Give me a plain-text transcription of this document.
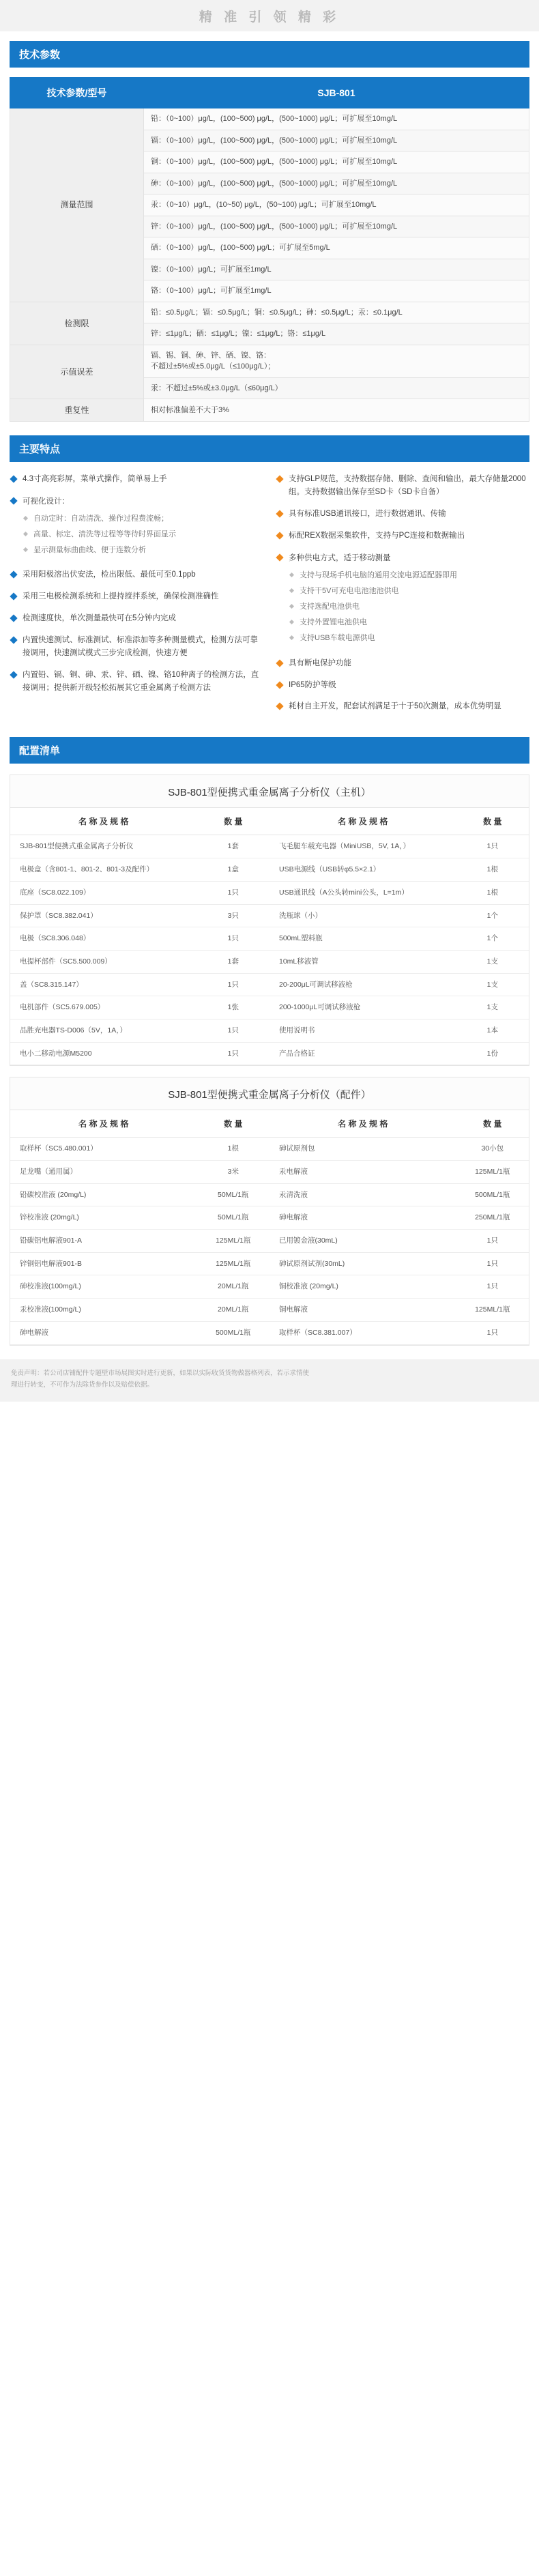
精 准 引 领 精 彩
技术参数
技术参数/型号	SJB-801
测量范围	铅：（0~100）μg/L，(100~500) μg/L，(500~1000) μg/L；可扩展至10mg/L
	镉：（0~100）μg/L，(100~500) μg/L，(500~1000) μg/L；可扩展至10mg/L
	铜：（0~100）μg/L，(100~500) μg/L，(500~1000) μg/L；可扩展至10mg/L
	砷：（0~100）μg/L，(100~500) μg/L，(500~1000) μg/L；可扩展至10mg/L
	汞：（0~10）μg/L，(10~50) μg/L，(50~100) μg/L；可扩展至10mg/L
	锌：（0~100）μg/L，(100~500) μg/L，(500~1000) μg/L；可扩展至10mg/L
	硒：（0~100）μg/L，(100~500) μg/L；可扩展至5mg/L
	镍：（0~100）μg/L；可扩展至1mg/L
	铬：（0~100）μg/L；可扩展至1mg/L
检测限	铅：≤0.5μg/L；镉：≤0.5μg/L；铜：≤0.5μg/L；砷：≤0.5μg/L；汞：≤0.1μg/L
	锌：≤1μg/L；硒：≤1μg/L；镍：≤1μg/L；铬：≤1μg/L
示值误差	镉、锡、铜、砷、锌、硒、镍、铬：
不超过±5%或±5.0μg/L（≤100μg/L）；
	汞：不超过±5%或±3.0μg/L（≤60μg/L）
重复性	相对标准偏差不大于3%
主要特点
4.3寸高亮彩屏，菜单式操作，简单易上手
可视化设计：
自动定时：自动清洗、操作过程费流畅；
高量、标定、清洗等过程等等待时界面显示
显示测量标曲曲线、便于连数分析
采用阳极溶出伏安法，检出限低、最低可至0.1ppb
采用三电极检测系统和上提持搅拌系统，确保检测准确性
检测速度快，单次测量最快可在5分钟内完成
内置快速测试、标准测试、标准添加等多种测量模式，检测方法可靠接调用，快速测试模式三步完成检测，快速方便
内置铅、镉、铜、砷、汞、锌、硒、镍、铬10种离子的检测方法，直接调用；提供新开级轻松拓展其它重金属离子检测方法
支持GLP规范，支持数据存储、删除、查阅和输出，最大存储量2000组。支持数据输出保存至SD卡（SD卡自备）
具有标准USB通讯接口，进行数据通讯、传输
标配REX数据采集软件，支持与PC连接和数据输出
多种供电方式，适于移动测量
支持与现场手机电脑的通用交流电源适配器即用
支持干5V可充电电池池池供电
支持选配电池供电
支持外置锂电池供电
支持USB车载电源供电
具有断电保护功能
IP65防护等级
耗材自主开发，配套试剂满足于十于50次测量，成本优势明显
配置清单
SJB-801型便携式重金属离子分析仪（主机）
名 称 及 规 格	数 量	名 称 及 规 格	数 量
SJB-801型便携式重金属离子分析仪	1套	飞毛腿车载充电器（MiniUSB，5V, 1A，）	1只
电极盒（含801-1、801-2、801-3及配件）	1盒	USB电源线（USB转φ5.5×2.1）	1根
底座（SC8.022.109）	1只	USB通讯线（A公头转mini公头，L=1m）	1根
保护罩（SC8.382.041）	3只	洗瓶球（小）	1个
电极（SC8.306.048）	1只	500mL塑料瓶	1个
电提杯部件（SC5.500.009）	1套	10mL移液管	1支
盖（SC8.315.147）	1只	20-200μL可调试移液枪	1支
电机部件（SC5.679.005）	1张	200-1000μL可调试移液枪	1支
品胜充电器TS-D006（5V，1A，）	1只	使用说明书	1本
电小二移动电源M5200	1只	产品合格证	1份
SJB-801型便携式重金属离子分析仪（配件）
名 称 及 规 格	数 量	名 称 及 规 格	数 量
取样杯（SC5.480.001）	1根	砷试原剂包	30小包
足龙嘴（通用属）	3米	汞电解液	125ML/1瓶
铅碳校准液 (20mg/L)	50ML/1瓶	汞清洗液	500ML/1瓶
锌校准液 (20mg/L)	50ML/1瓶	砷电解液	250ML/1瓶
铅碳铝电解液901-A	125ML/1瓶	已用镀金液(30mL)	1只
锌铜铝电解液901-B	125ML/1瓶	砷试原剂试剂(30mL)	1只
砷校准液(100mg/L)	20ML/1瓶	铜校准液 (20mg/L)	1只
汞校准液(100mg/L)	20ML/1瓶	铜电解液	125ML/1瓶
砷电解液	500ML/1瓶	取样杯（SC8.381.007）	1只
免责声明：若公司店铺配件专题壁市场展图实时进行更新，如果以实际收货货物做器格列表，若示求情使
理进行转变，不可作为法除货参作以及赔偿依据。
